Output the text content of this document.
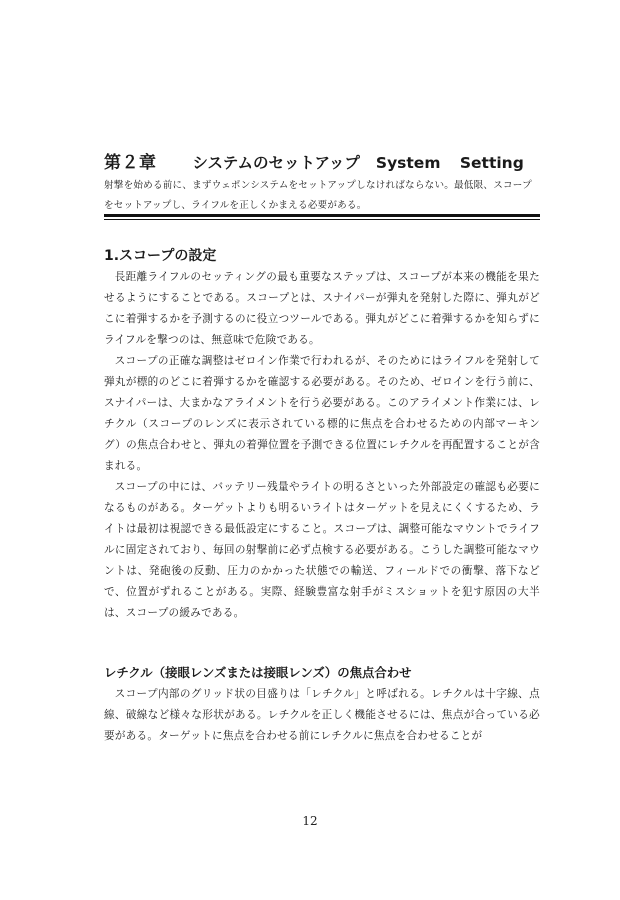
第２章 システムのセットアップ System Setting

射撃を始める前に、まずウェポンシステムをセットアップしなければならない。最低限、スコープをセットアップし、ライフルを正しくかまえる必要がある。

1.スコープの設定

長距離ライフルのセッティングの最も重要なステップは、スコープが本来の機能を果たせるようにすることである。スコープとは、スナイパーが弾丸を発射した際に、弾丸がどこに着弾するかを予測するのに役立つツールである。弾丸がどこに着弾するかを知らずにライフルを撃つのは、無意味で危険である。

スコープの正確な調整はゼロイン作業で行われるが、そのためにはライフルを発射して弾丸が標的のどこに着弾するかを確認する必要がある。そのため、ゼロインを行う前に、スナイパーは、大まかなアライメントを行う必要がある。このアライメント作業には、レチクル（スコープのレンズに表示されている標的に焦点を合わせるための内部マーキング）の焦点合わせと、弾丸の着弾位置を予測できる位置にレチクルを再配置することが含まれる。

スコープの中には、バッテリー残量やライトの明るさといった外部設定の確認も必要になるものがある。ターゲットよりも明るいライトはターゲットを見えにくくするため、ライトは最初は視認できる最低設定にすること。スコープは、調整可能なマウントでライフルに固定されており、毎回の射撃前に必ず点検する必要がある。こうした調整可能なマウントは、発砲後の反動、圧力のかかった状態での輸送、フィールドでの衝撃、落下などで、位置がずれることがある。実際、経験豊富な射手がミスショットを犯す原因の大半は、スコープの緩みである。

レチクル（接眼レンズまたは接眼レンズ）の焦点合わせ

スコープ内部のグリッド状の目盛りは「レチクル」と呼ばれる。レチクルは十字線、点線、破線など様々な形状がある。レチクルを正しく機能させるには、焦点が合っている必要がある。ターゲットに焦点を合わせる前にレチクルに焦点を合わせることが

12
